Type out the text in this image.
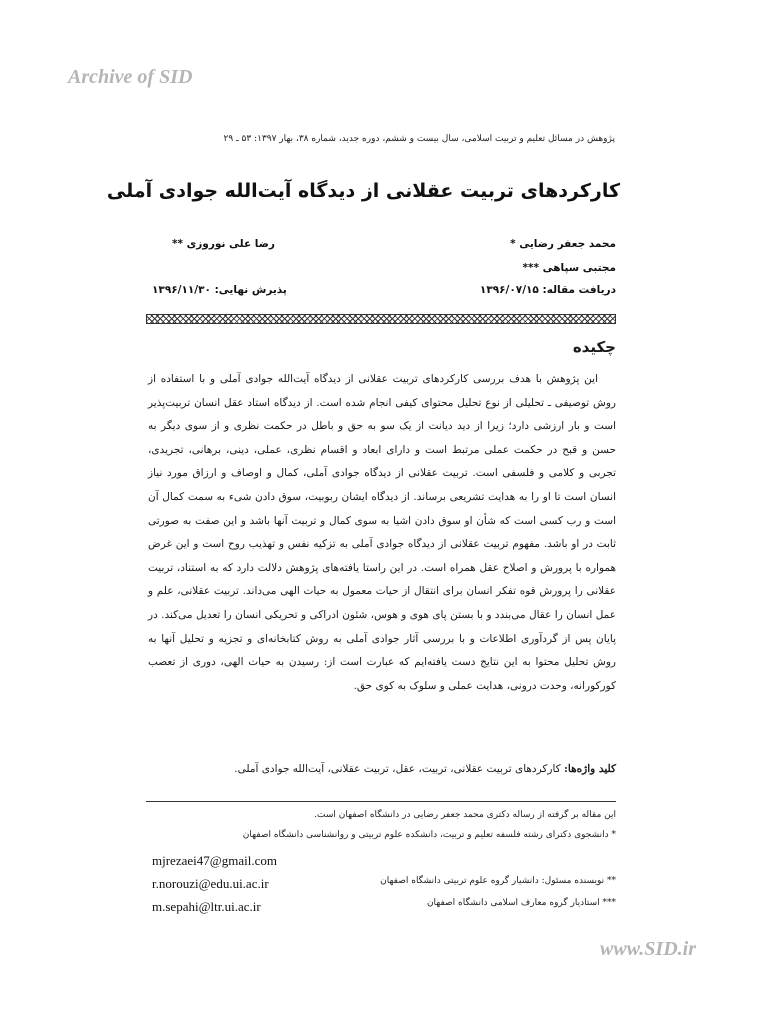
Archive of SID
پژوهش در مسائل تعلیم و تربیت اسلامی، سال بیست و ششم، دوره جدید، شماره ۳۸، بهار ۱۳۹۷: ۵۳ ـ ۲۹
کارکردهای تربیت عقلانی از دیدگاه آیت‌الله جوادی آملی
محمد جعفر رضایی *
رضا علی نوروزی **
مجتبی سپاهی ***
دریافت مقاله: ۱۳۹۶/۰۷/۱۵
پذیرش نهایی: ۱۳۹۶/۱۱/۳۰
چکیده

این پژوهش با هدف بررسی کارکردهای تربیت عقلانی از دیدگاه آیت‌الله جوادی آملی و با استفاده از روش توصیفی ـ تحلیلی از نوع تحلیل محتوای کیفی انجام شده است. از دیدگاه استاد عقل انسان تربیت‌پذیر است و بار ارزشی دارد؛ زیرا از دید دیانت از یک سو به حق و باطل در حکمت نظری و از سوی دیگر به حسن و قبح در حکمت عملی مرتبط است و دارای ابعاد و اقسام نظری، عملی، دینی، برهانی، تجریدی، تجربی و کلامی و فلسفی است. تربیت عقلانی از دیدگاه جوادی آملی، کمال و اوصاف و ارزاق مورد نیاز انسان است تا او را به هدایت تشریعی برساند. از دیدگاه ایشان ربوبیت، سوق دادن شیء به سمت کمال آن است و رب کسی است که شأن او سوق دادن اشیا به سوی کمال و تربیت آنها باشد و این صفت به صورتی ثابت در او باشد. مفهوم تربیت عقلانی از دیدگاه جوادی آملی به تزکیه نفس و تهذیب روح است و این غرض همواره با پرورش و اصلاح عقل همراه است. در این راستا یافته‌های پژوهش دلالت دارد که به استناد، تربیت عقلانی را پرورش قوه تفکر انسان برای انتقال از حیات معمول به حیات الهی می‌داند. تربیت عقلانی، علم و عمل انسان را عقال می‌بندد و با بستن پای هوی و هوس، شئون ادراکی و تحریکی انسان را تعدیل می‌کند. در پایان پس از گردآوری اطلاعات و با بررسی آثار جوادی آملی به روش کتابخانه‌ای و تجزیه و تحلیل آنها به روش تحلیل محتوا به این نتایج دست یافته‌ایم که عبارت است از: رسیدن به حیات الهی، دوری از تعصب کورکورانه، وحدت درونی، هدایت عملی و سلوک به کوی حق.

کلید واژه‌ها: کارکردهای تربیت عقلانی، تربیت، عقل، تربیت عقلانی، آیت‌الله جوادی آملی.
این مقاله بر گرفته از رساله دکتری محمد جعفر رضایی در دانشگاه اصفهان است.
* دانشجوی دکترای رشته فلسفه تعلیم و تربیت، دانشکده علوم تربیتی و روانشناسی دانشگاه اصفهان
** نویسنده مسئول: دانشیار گروه علوم تربیتی دانشگاه اصفهان
*** استادیار گروه معارف اسلامی دانشگاه اصفهان
mjrezaei47@gmail.com
r.norouzi@edu.ui.ac.ir
m.sepahi@ltr.ui.ac.ir
www.SID.ir
